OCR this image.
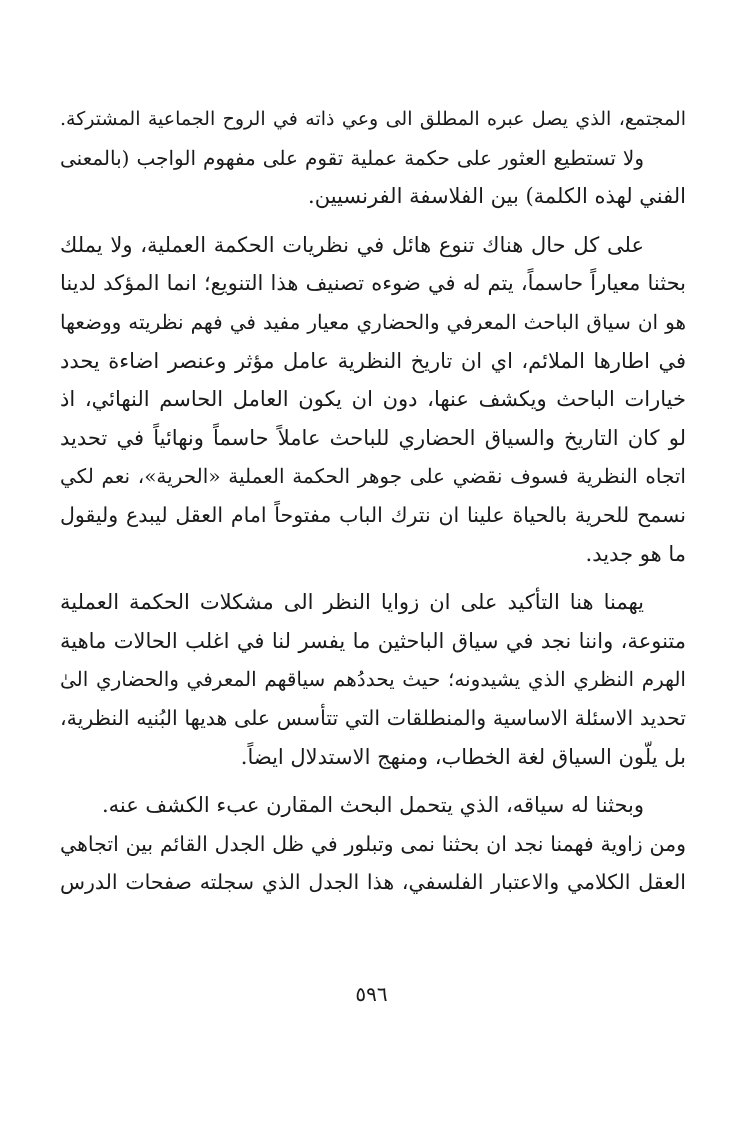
المجتمع، الذي يصل عبره المطلق الى وعي ذاته في الروح الجماعية المشتركة.
ولا تستطيع العثور على حكمة عملية تقوم على مفهوم الواجب (بالمعنى
الفني لهذه الكلمة) بين الفلاسفة الفرنسيين.
على كل حال هناك تنوع هائل في نظريات الحكمة العملية، ولا يملك
بحثنا معياراً حاسماً، يتم له في ضوءه تصنيف هذا التنويع؛ انما المؤكد لدينا
هو ان سياق الباحث المعرفي والحضاري معيار مفيد في فهم نظريته ووضعها
في اطارها الملائم، اي ان تاريخ النظرية عامل مؤثر وعنصر اضاءة يحدد
خيارات الباحث ويكشف عنها، دون ان يكون العامل الحاسم النهائي، اذ
لو كان التاريخ والسياق الحضاري للباحث عاملاً حاسماً ونهائياً في تحديد
اتجاه النظرية فسوف نقضي على جوهر الحكمة العملية «الحرية»، نعم لكي
نسمح للحرية بالحياة علينا ان نترك الباب مفتوحاً امام العقل ليبدع وليقول
ما هو جديد.
يهمنا هنا التأكيد على ان زوايا النظر الى مشكلات الحكمة العملية
متنوعة، واننا نجد في سياق الباحثين ما يفسر لنا في اغلب الحالات ماهية
الهرم النظري الذي يشيدونه؛ حيث يحددُهم سياقهم المعرفي والحضاري الىٰ
تحديد الاسئلة الاساسية والمنطلقات التي تتأسس على هديها البُنيه النظرية،
بل يلّون السياق لغة الخطاب، ومنهج الاستدلال ايضاً.
وبحثنا له سياقه، الذي يتحمل البحث المقارن عبء الكشف عنه.
ومن زاوية فهمنا نجد ان بحثنا نمى وتبلور في ظل الجدل القائم بين اتجاهي
العقل الكلامي والاعتبار الفلسفي، هذا الجدل الذي سجلته صفحات الدرس
٥٩٦
